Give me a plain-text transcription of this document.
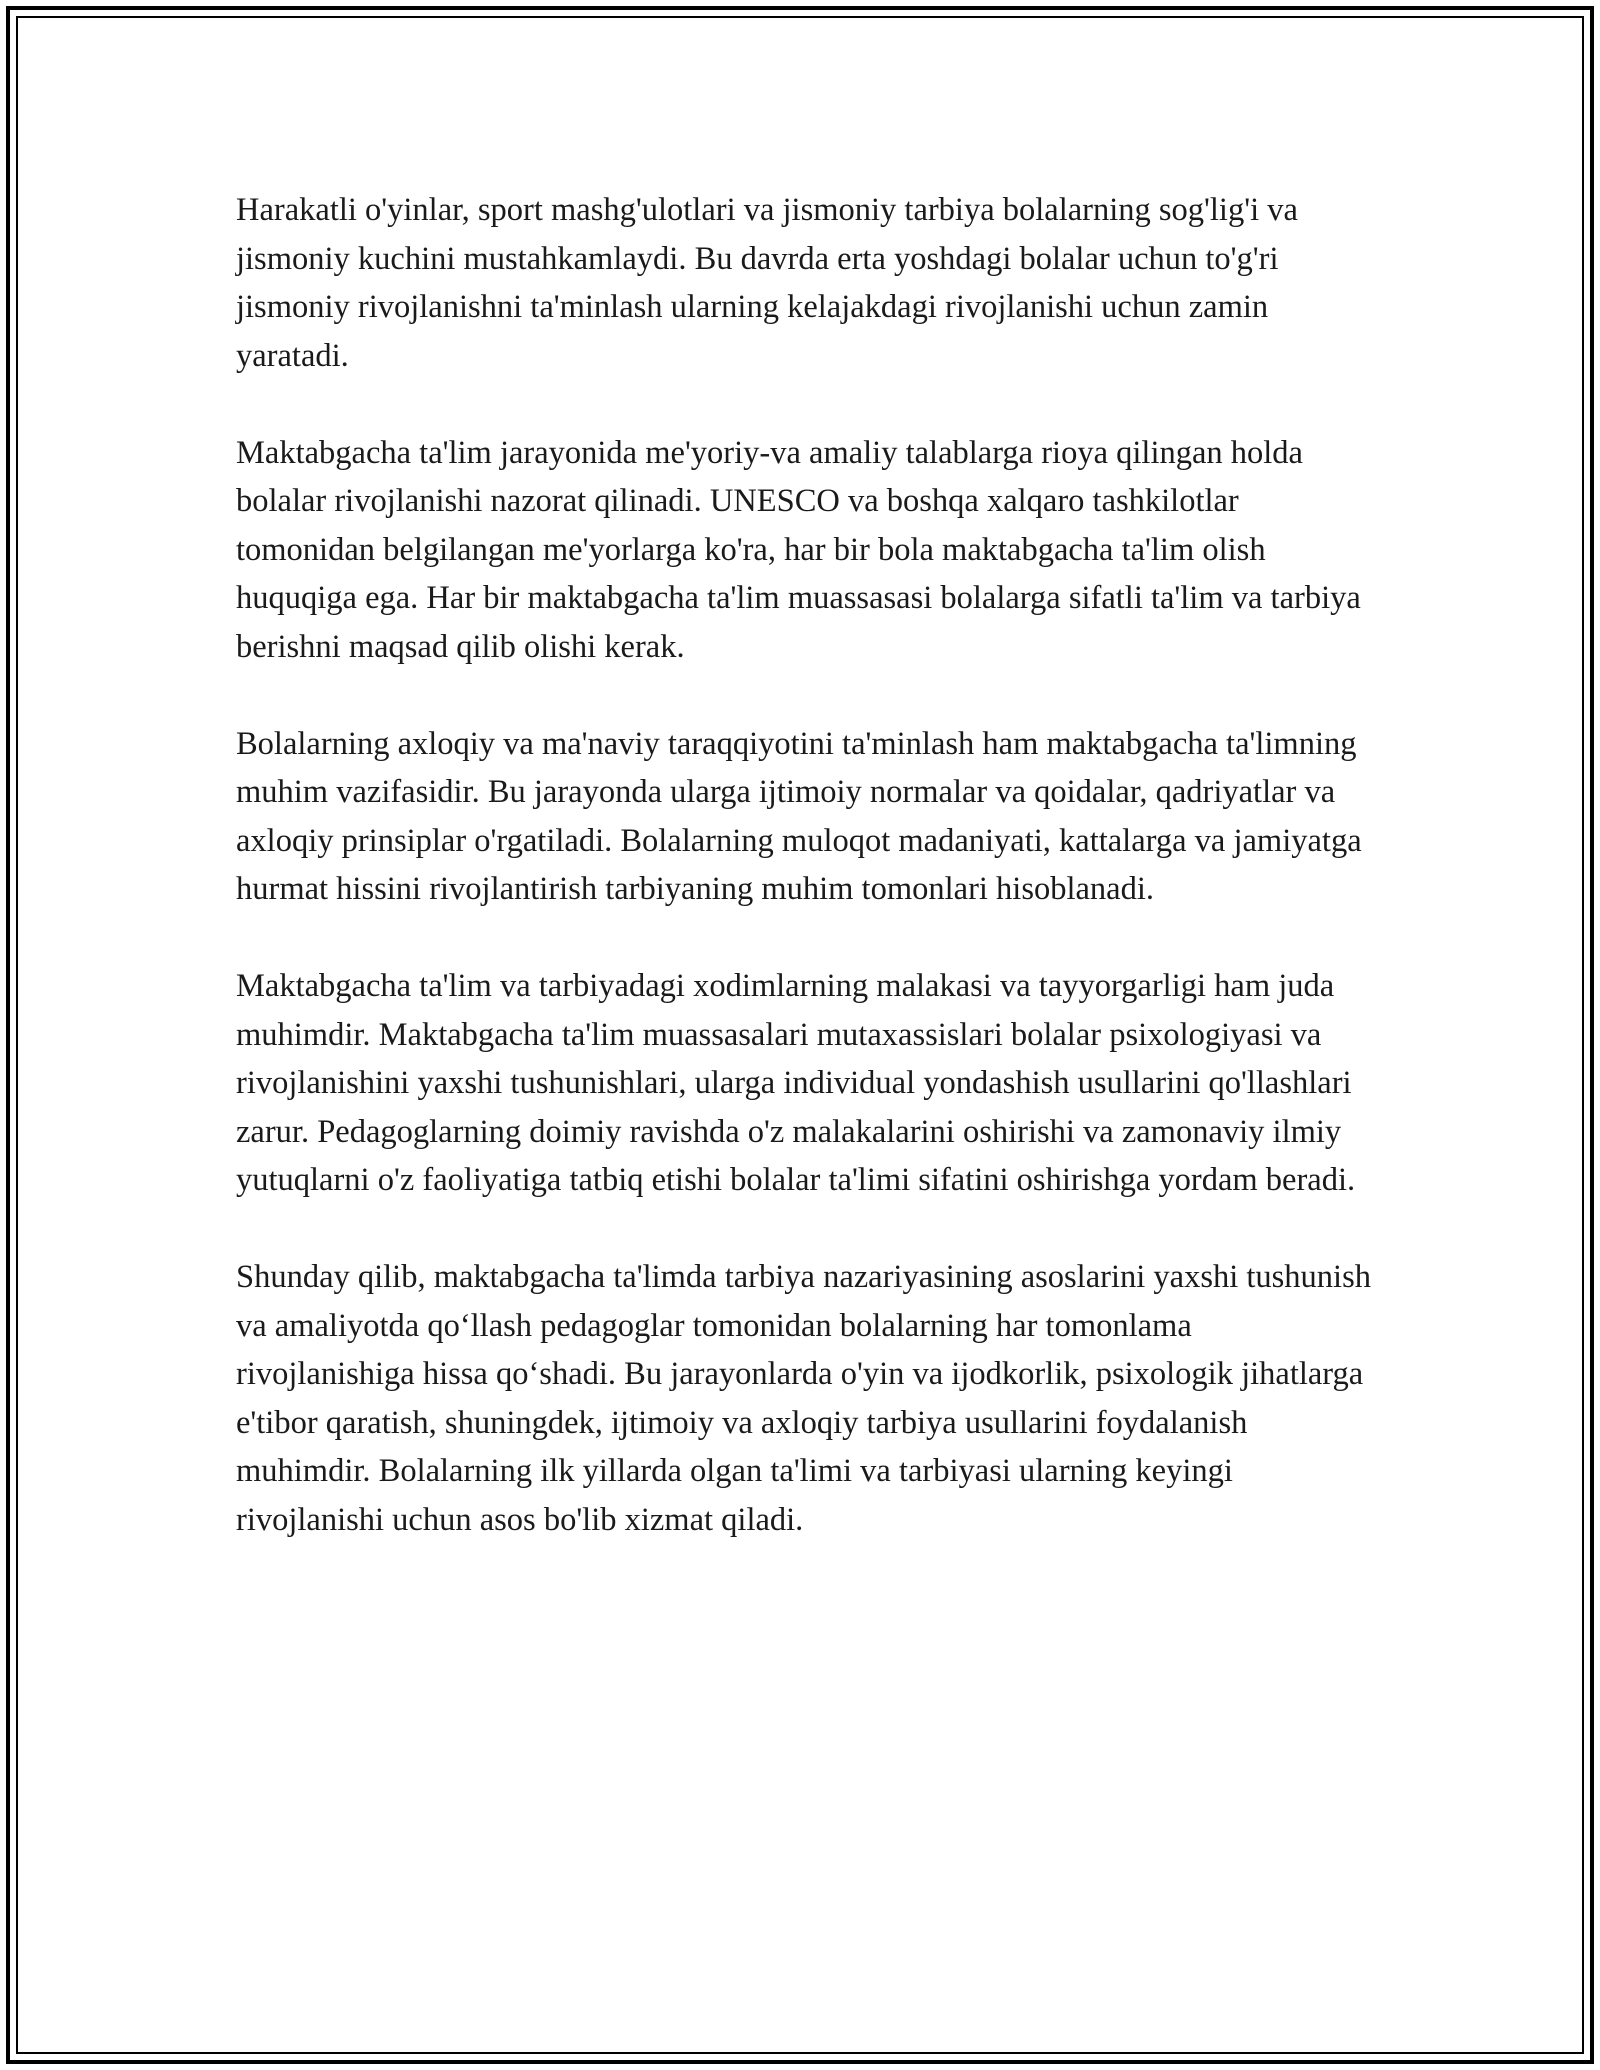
Harakatli o'yinlar, sport mashg'ulotlari va jismoniy tarbiya bolalarning sog'lig'i va jismoniy kuchini mustahkamlaydi. Bu davrda erta yoshdagi bolalar uchun to'g'ri jismoniy rivojlanishni ta'minlash ularning kelajakdagi rivojlanishi uchun zamin yaratadi.

Maktabgacha ta'lim jarayonida me'yoriy-va amaliy talablarga rioya qilingan holda bolalar rivojlanishi nazorat qilinadi. UNESCO va boshqa xalqaro tashkilotlar tomonidan belgilangan me'yorlarga ko'ra, har bir bola maktabgacha ta'lim olish huquqiga ega. Har bir maktabgacha ta'lim muassasasi bolalarga sifatli ta'lim va tarbiya berishni maqsad qilib olishi kerak.

Bolalarning axloqiy va ma'naviy taraqqiyotini ta'minlash ham maktabgacha ta'limning muhim vazifasidir. Bu jarayonda ularga ijtimoiy normalar va qoidalar, qadriyatlar va axloqiy prinsiplar o'rgatiladi. Bolalarning muloqot madaniyati, kattalarga va jamiyatga hurmat hissini rivojlantirish tarbiyaning muhim tomonlari hisoblanadi.

Maktabgacha ta'lim va tarbiyadagi xodimlarning malakasi va tayyorgarligi ham juda muhimdir. Maktabgacha ta'lim muassasalari mutaxassislari bolalar psixologiyasi va rivojlanishini yaxshi tushunishlari, ularga individual yondashish usullarini qo'llashlari zarur. Pedagoglarning doimiy ravishda o'z malakalarini oshirishi va zamonaviy ilmiy yutuqlarni o'z faoliyatiga tatbiq etishi bolalar ta'limi sifatini oshirishga yordam beradi.

Shunday qilib, maktabgacha ta'limda tarbiya nazariyasining asoslarini yaxshi tushunish va amaliyotda qo‘llash pedagoglar tomonidan bolalarning har tomonlama rivojlanishiga hissa qo‘shadi. Bu jarayonlarda o'yin va ijodkorlik, psixologik jihatlarga e'tibor qaratish, shuningdek, ijtimoiy va axloqiy tarbiya usullarini foydalanish muhimdir. Bolalarning ilk yillarda olgan ta'limi va tarbiyasi ularning keyingi rivojlanishi uchun asos bo'lib xizmat qiladi.
